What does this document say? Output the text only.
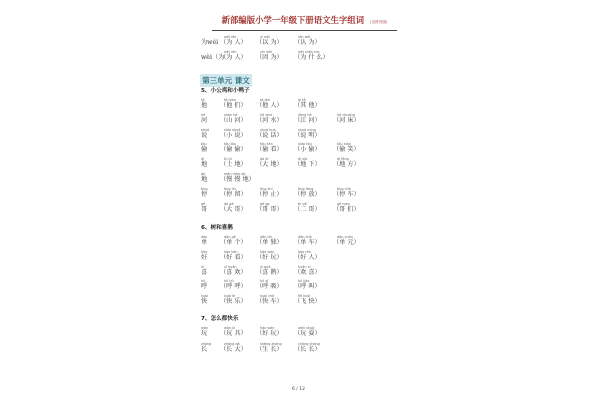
新部编版小学一年级下册语文生字组词 (含拼音版)
第三单元 课文
6 / 12
为wéi
wéi rén
（为 人）
yǐ wéi
（以 为）
rèn wéi
（认 为）
wèi（为
wèi rén
（为 人）
yīn wèi
（因 为）
wèi shén me
（为 什 么）
5、小公鸡和小鸭子
tā
他
tā men
（他 们）
tā rén
（他 人）
qí tā
（其 他）
hé
河
shān hé
（山 河）
hé shuǐ
（河 水）
jiāng hé
（江 河）
hé chuáng
（河 床）
shuō
说
xiǎo shuō
（小 说）
shuō huà
（说 话）
shuō míng
（说 明）
tōu
偷
tōu tōu
（偷 偷）
tōu kàn
（偷 看）
xiǎo tōu
（小 偷）
tōu xiào
（偷 笑）
dì
地
tǔ dì
（土 地）
dà dì
（大 地）
dì xià
（地 下）
dì fāng
（地 方）
de
地
màn màn de
（慢 慢 地）
tíng
停
tíng liú
（停 留）
tíng zhǐ
（停 止）
tíng fàng
（停 放）
tíng chē
（停 车）
gē
哥
dà gē
（大 哥）
gē ge
（哥 哥）
èr gē
（二 哥）
gē men
（哥 们）
6、树和喜鹊
dān
单
dān gè
（单 个）
dān dú
（单 独）
dān chē
（单 车）
dān yuán
（单 元）
hǎo
好
hǎo kàn
（好 看）
hǎo wán
（好 玩）
hǎo rén
（好 人）
xǐ
喜
xǐ huān
（喜 欢）
xǐ què
（喜 鹊）
huān xǐ
（欢 喜）
hū
呼
hū hū
（呼 呼）
hū xī
（呼 吸）
hū jiào
（呼 叫）
kuài
快
kuài lè
（快 乐）
kuài chē
（快 车）
fēi kuài
（飞 快）
7、怎么都快乐
wán
玩
wán jù
（玩 具）
hǎo wán
（好 玩）
wán shuǎ
（玩 耍）
zhǎng
长
zhǎng dà
（长 大）
shēng zhǎng
（生 长）
cháng cháng
（长 长）
